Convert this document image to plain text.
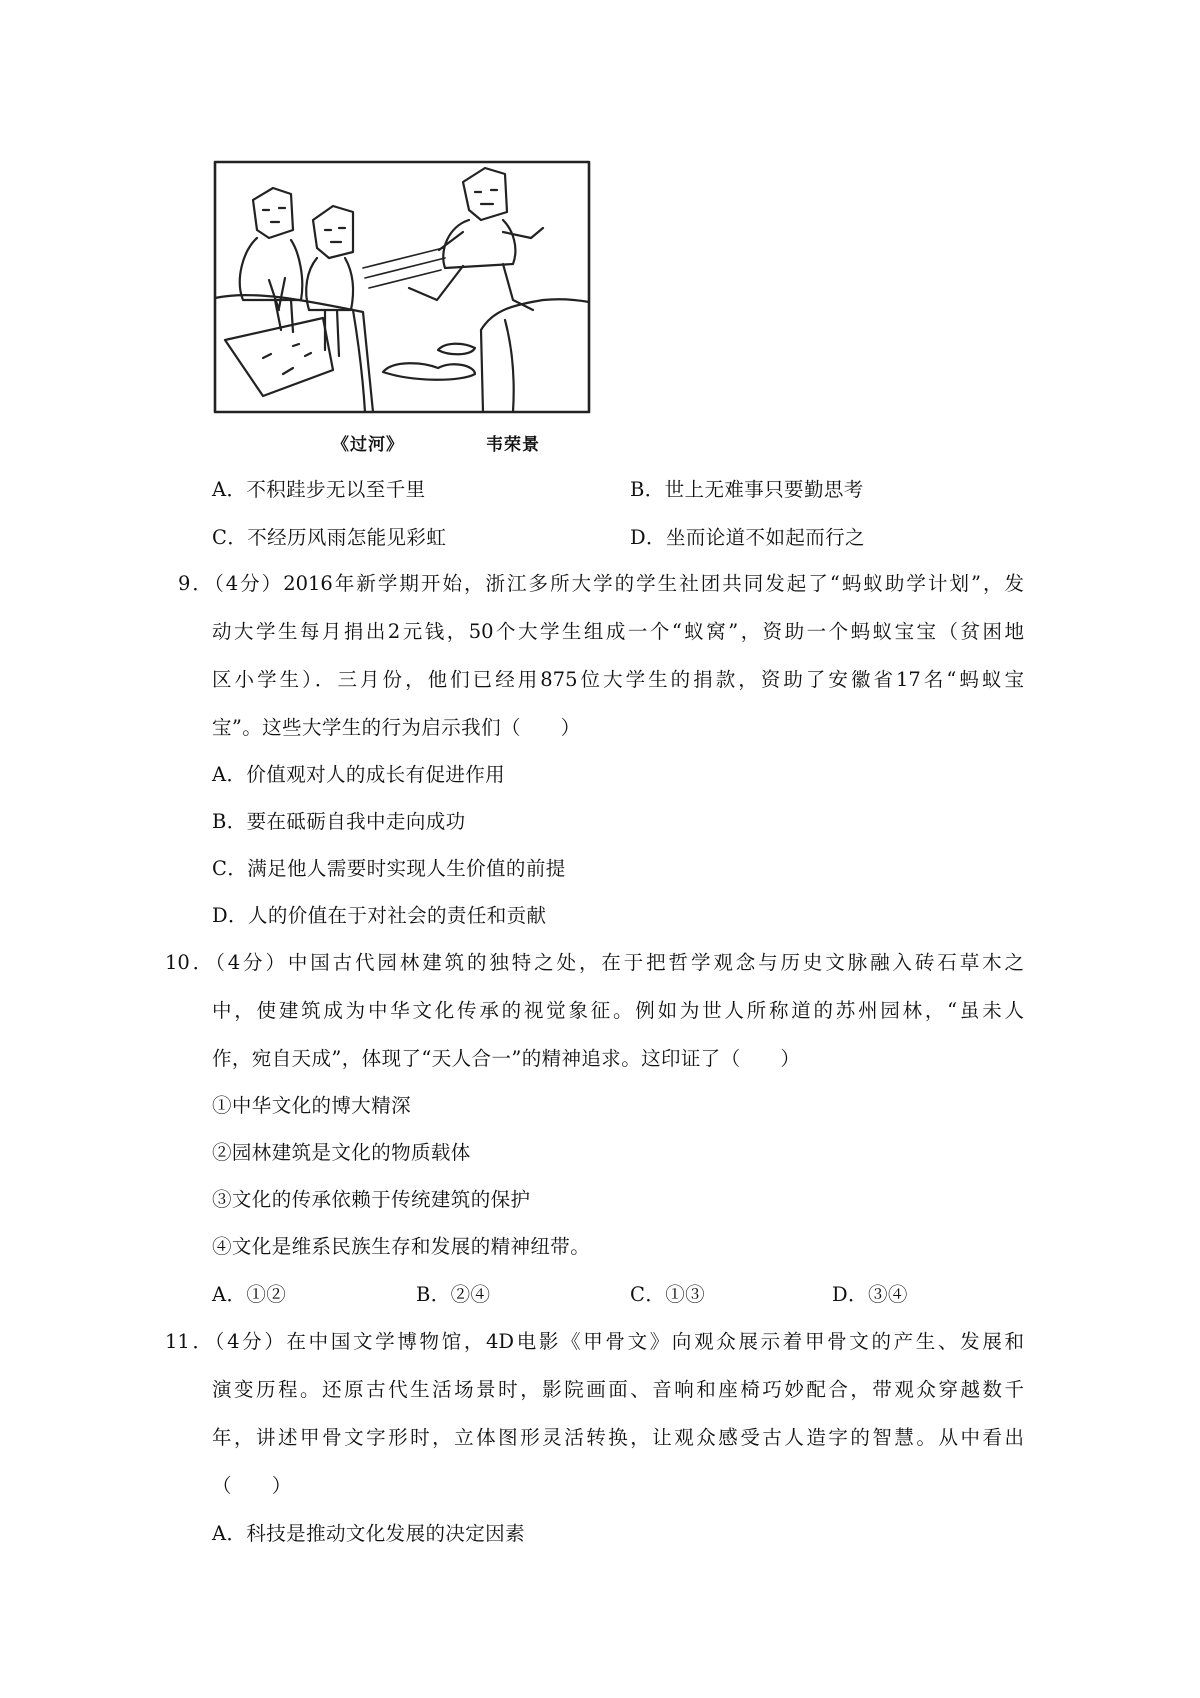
《过河》	韦荣景
A．不积跬步无以至千里	B．世上无难事只要勤思考
C．不经历风雨怎能见彩虹	D．坐而论道不如起而行之
9．（4分）2016年新学期开始，浙江多所大学的学生社团共同发起了“蚂蚁助学计划”，发
动大学生每月捐出2元钱，50个大学生组成一个“蚁窝”，资助一个蚂蚁宝宝（贫困地
区小学生）．三月份，他们已经用875位大学生的捐款，资助了安徽省17名“蚂蚁宝
宝”。这些大学生的行为启示我们（　　）
A．价值观对人的成长有促进作用
B．要在砥砺自我中走向成功
C．满足他人需要时实现人生价值的前提
D．人的价值在于对社会的责任和贡献
10．（4分）中国古代园林建筑的独特之处，在于把哲学观念与历史文脉融入砖石草木之
中，使建筑成为中华文化传承的视觉象征。例如为世人所称道的苏州园林，“虽未人
作，宛自天成”，体现了“天人合一”的精神追求。这印证了（　　）
①中华文化的博大精深
②园林建筑是文化的物质载体
③文化的传承依赖于传统建筑的保护
④文化是维系民族生存和发展的精神纽带。
A．①②	B．②④	C．①③	D．③④
11．（4分）在中国文学博物馆，4D电影《甲骨文》向观众展示着甲骨文的产生、发展和
演变历程。还原古代生活场景时，影院画面、音响和座椅巧妙配合，带观众穿越数千
年，讲述甲骨文字形时，立体图形灵活转换，让观众感受古人造字的智慧。从中看出
（　　）
A．科技是推动文化发展的决定因素
